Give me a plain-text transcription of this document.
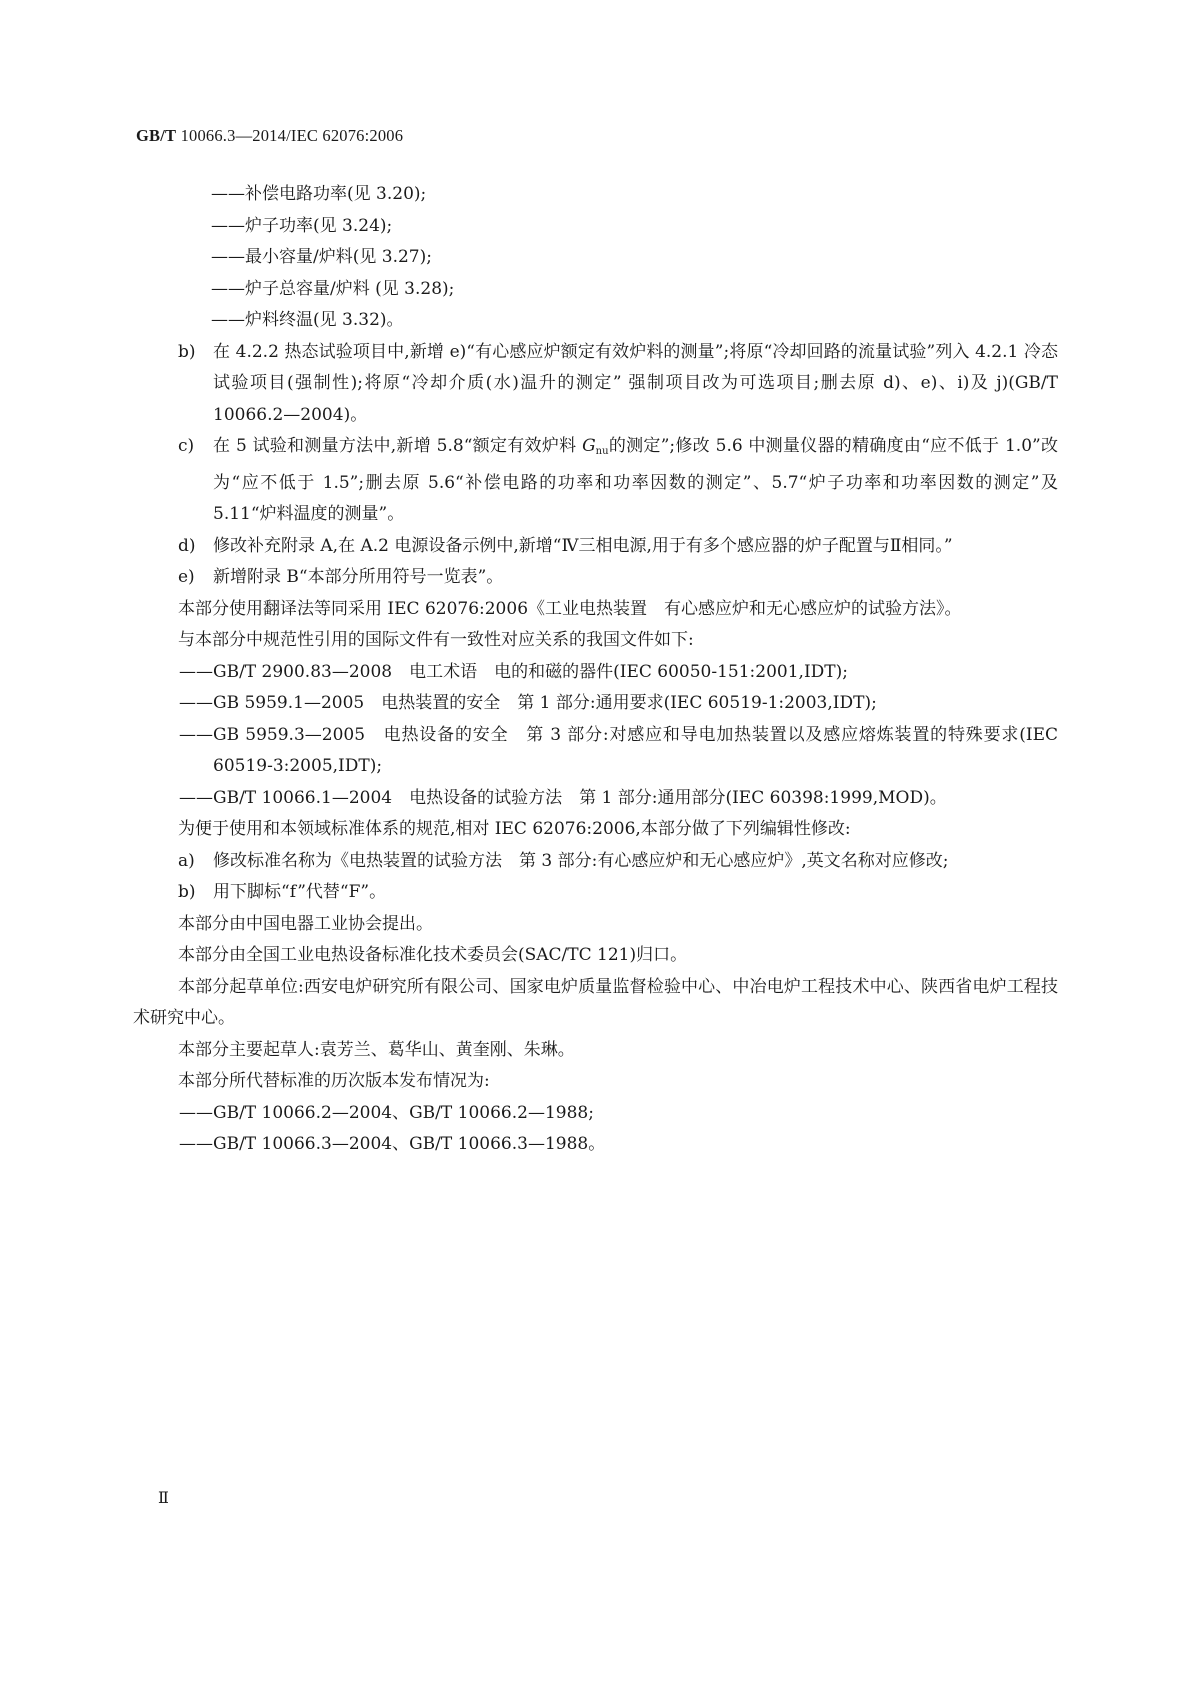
GB/T 10066.3—2014/IEC 62076:2006
——补偿电路功率(见 3.20);
——炉子功率(见 3.24);
——最小容量/炉料(见 3.27);
——炉子总容量/炉料 (见 3.28);
——炉料终温(见 3.32)。
b) 在 4.2.2 热态试验项目中,新增 e)“有心感应炉额定有效炉料的测量”;将原“冷却回路的流量试验”列入 4.2.1 冷态试验项目(强制性);将原“冷却介质(水)温升的测定” 强制项目改为可选项目;删去原 d)、e)、i)及 j)(GB/T 10066.2—2004)。
c) 在 5 试验和测量方法中,新增 5.8“额定有效炉料 $G_{nu}$的测定”;修改 5.6 中测量仪器的精确度由“应不低于 1.0”改为“应不低于 1.5”;删去原 5.6“补偿电路的功率和功率因数的测定”、5.7“炉子功率和功率因数的测定”及 5.11“炉料温度的测量”。
d) 修改补充附录 A,在 A.2 电源设备示例中,新增“Ⅳ三相电源,用于有多个感应器的炉子配置与Ⅱ相同。”
e) 新增附录 B“本部分所用符号一览表”。
本部分使用翻译法等同采用 IEC 62076:2006《工业电热装置　有心感应炉和无心感应炉的试验方法》。
与本部分中规范性引用的国际文件有一致性对应关系的我国文件如下:
——GB/T 2900.83—2008　电工术语　电的和磁的器件(IEC 60050-151:2001,IDT);
——GB 5959.1—2005　电热装置的安全　第 1 部分:通用要求(IEC 60519-1:2003,IDT);
——GB 5959.3—2005　电热设备的安全　第 3 部分:对感应和导电加热装置以及感应熔炼装置的特殊要求(IEC 60519-3:2005,IDT);
——GB/T 10066.1—2004　电热设备的试验方法　第 1 部分:通用部分(IEC 60398:1999,MOD)。
为便于使用和本领域标准体系的规范,相对 IEC 62076:2006,本部分做了下列编辑性修改:
a) 修改标准名称为《电热装置的试验方法　第 3 部分:有心感应炉和无心感应炉》,英文名称对应修改;
b) 用下脚标“f”代替“F”。
本部分由中国电器工业协会提出。
本部分由全国工业电热设备标准化技术委员会(SAC/TC 121)归口。
本部分起草单位:西安电炉研究所有限公司、国家电炉质量监督检验中心、中冶电炉工程技术中心、陕西省电炉工程技术研究中心。
本部分主要起草人:袁芳兰、葛华山、黄奎刚、朱琳。
本部分所代替标准的历次版本发布情况为:
——GB/T 10066.2—2004、GB/T 10066.2—1988;
——GB/T 10066.3—2004、GB/T 10066.3—1988。
Ⅱ
